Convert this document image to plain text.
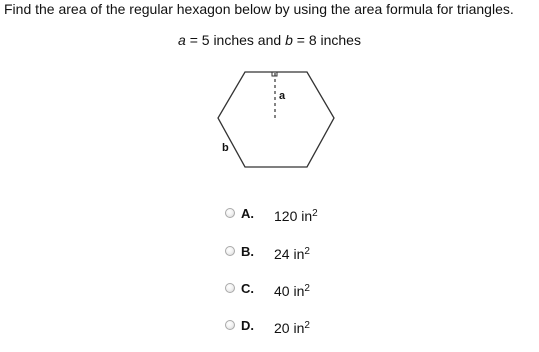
Find the area of the regular hexagon below by using the area formula for triangles.
a = 5 inches and b = 8 inches
a
b
A. 120 $in^2$
B. 24 $in^2$
C. 40 $in^2$
D. 20 $in^2$
